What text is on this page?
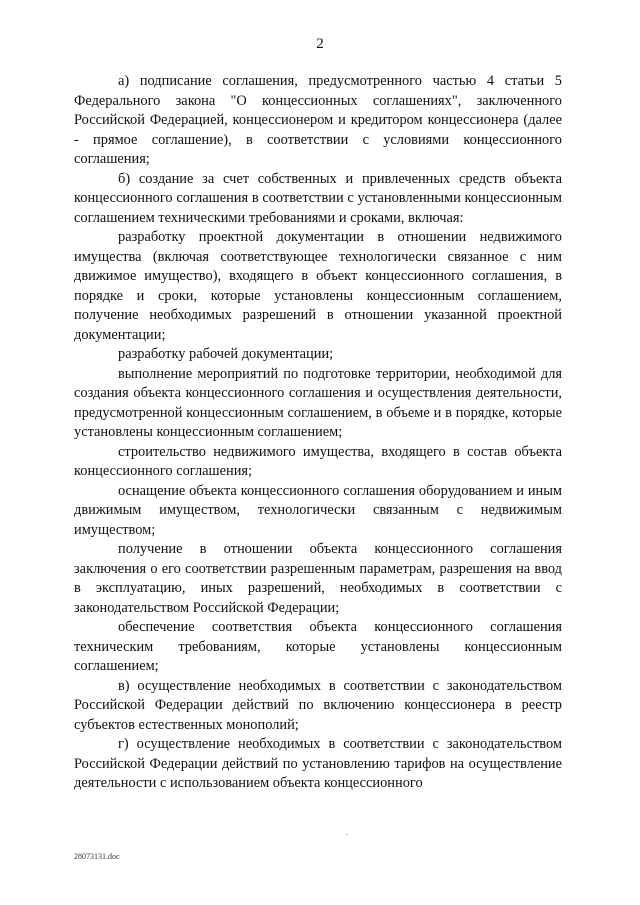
2

а) подписание соглашения, предусмотренного частью 4 статьи 5 Федерального закона "О концессионных соглашениях", заключенного Российской Федерацией, концессионером и кредитором концессионера (далее - прямое соглашение), в соответствии с условиями концессионного соглашения;

б) создание за счет собственных и привлеченных средств объекта концессионного соглашения в соответствии с установленными концессионным соглашением техническими требованиями и сроками, включая:

разработку проектной документации в отношении недвижимого имущества (включая соответствующее технологически связанное с ним движимое имущество), входящего в объект концессионного соглашения, в порядке и сроки, которые установлены концессионным соглашением, получение необходимых разрешений в отношении указанной проектной документации;

разработку рабочей документации;

выполнение мероприятий по подготовке территории, необходимой для создания объекта концессионного соглашения и осуществления деятельности, предусмотренной концессионным соглашением, в объеме и в порядке, которые установлены концессионным соглашением;

строительство недвижимого имущества, входящего в состав объекта концессионного соглашения;

оснащение объекта концессионного соглашения оборудованием и иным движимым имуществом, технологически связанным с недвижимым имуществом;

получение в отношении объекта концессионного соглашения заключения о его соответствии разрешенным параметрам, разрешения на ввод в эксплуатацию, иных разрешений, необходимых в соответствии с законодательством Российской Федерации;

обеспечение соответствия объекта концессионного соглашения техническим требованиям, которые установлены концессионным соглашением;

в) осуществление необходимых в соответствии с законодательством Российской Федерации действий по включению концессионера в реестр субъектов естественных монополий;

г) осуществление необходимых в соответствии с законодательством Российской Федерации действий по установлению тарифов на осуществление деятельности с использованием объекта концессионного

28073131.doc
